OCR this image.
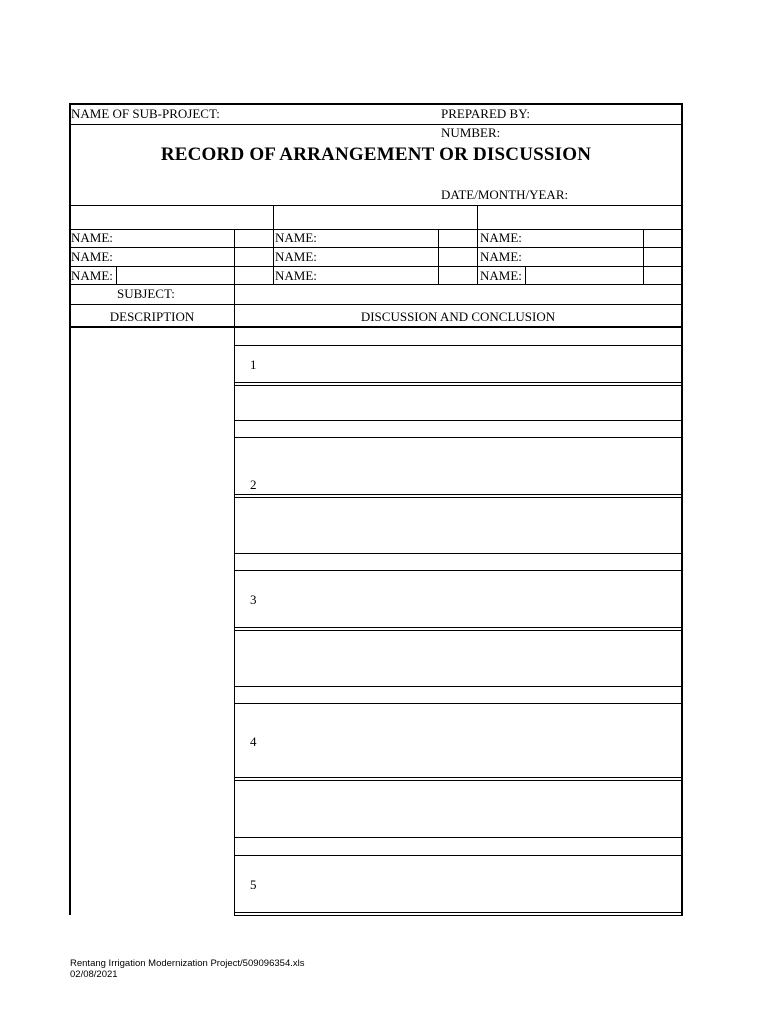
NAME OF SUB-PROJECT:	PREPARED BY:
NUMBER:
RECORD OF ARRANGEMENT OR DISCUSSION
DATE/MONTH/YEAR:
NAME:	NAME:	NAME:
NAME:	NAME:	NAME:
NAME:	NAME:	NAME:
SUBJECT:
DESCRIPTION	DISCUSSION AND CONCLUSION
1
2
3
4
5
Rentang Irrigation Modernization Project/509096354.xls
02/08/2021
